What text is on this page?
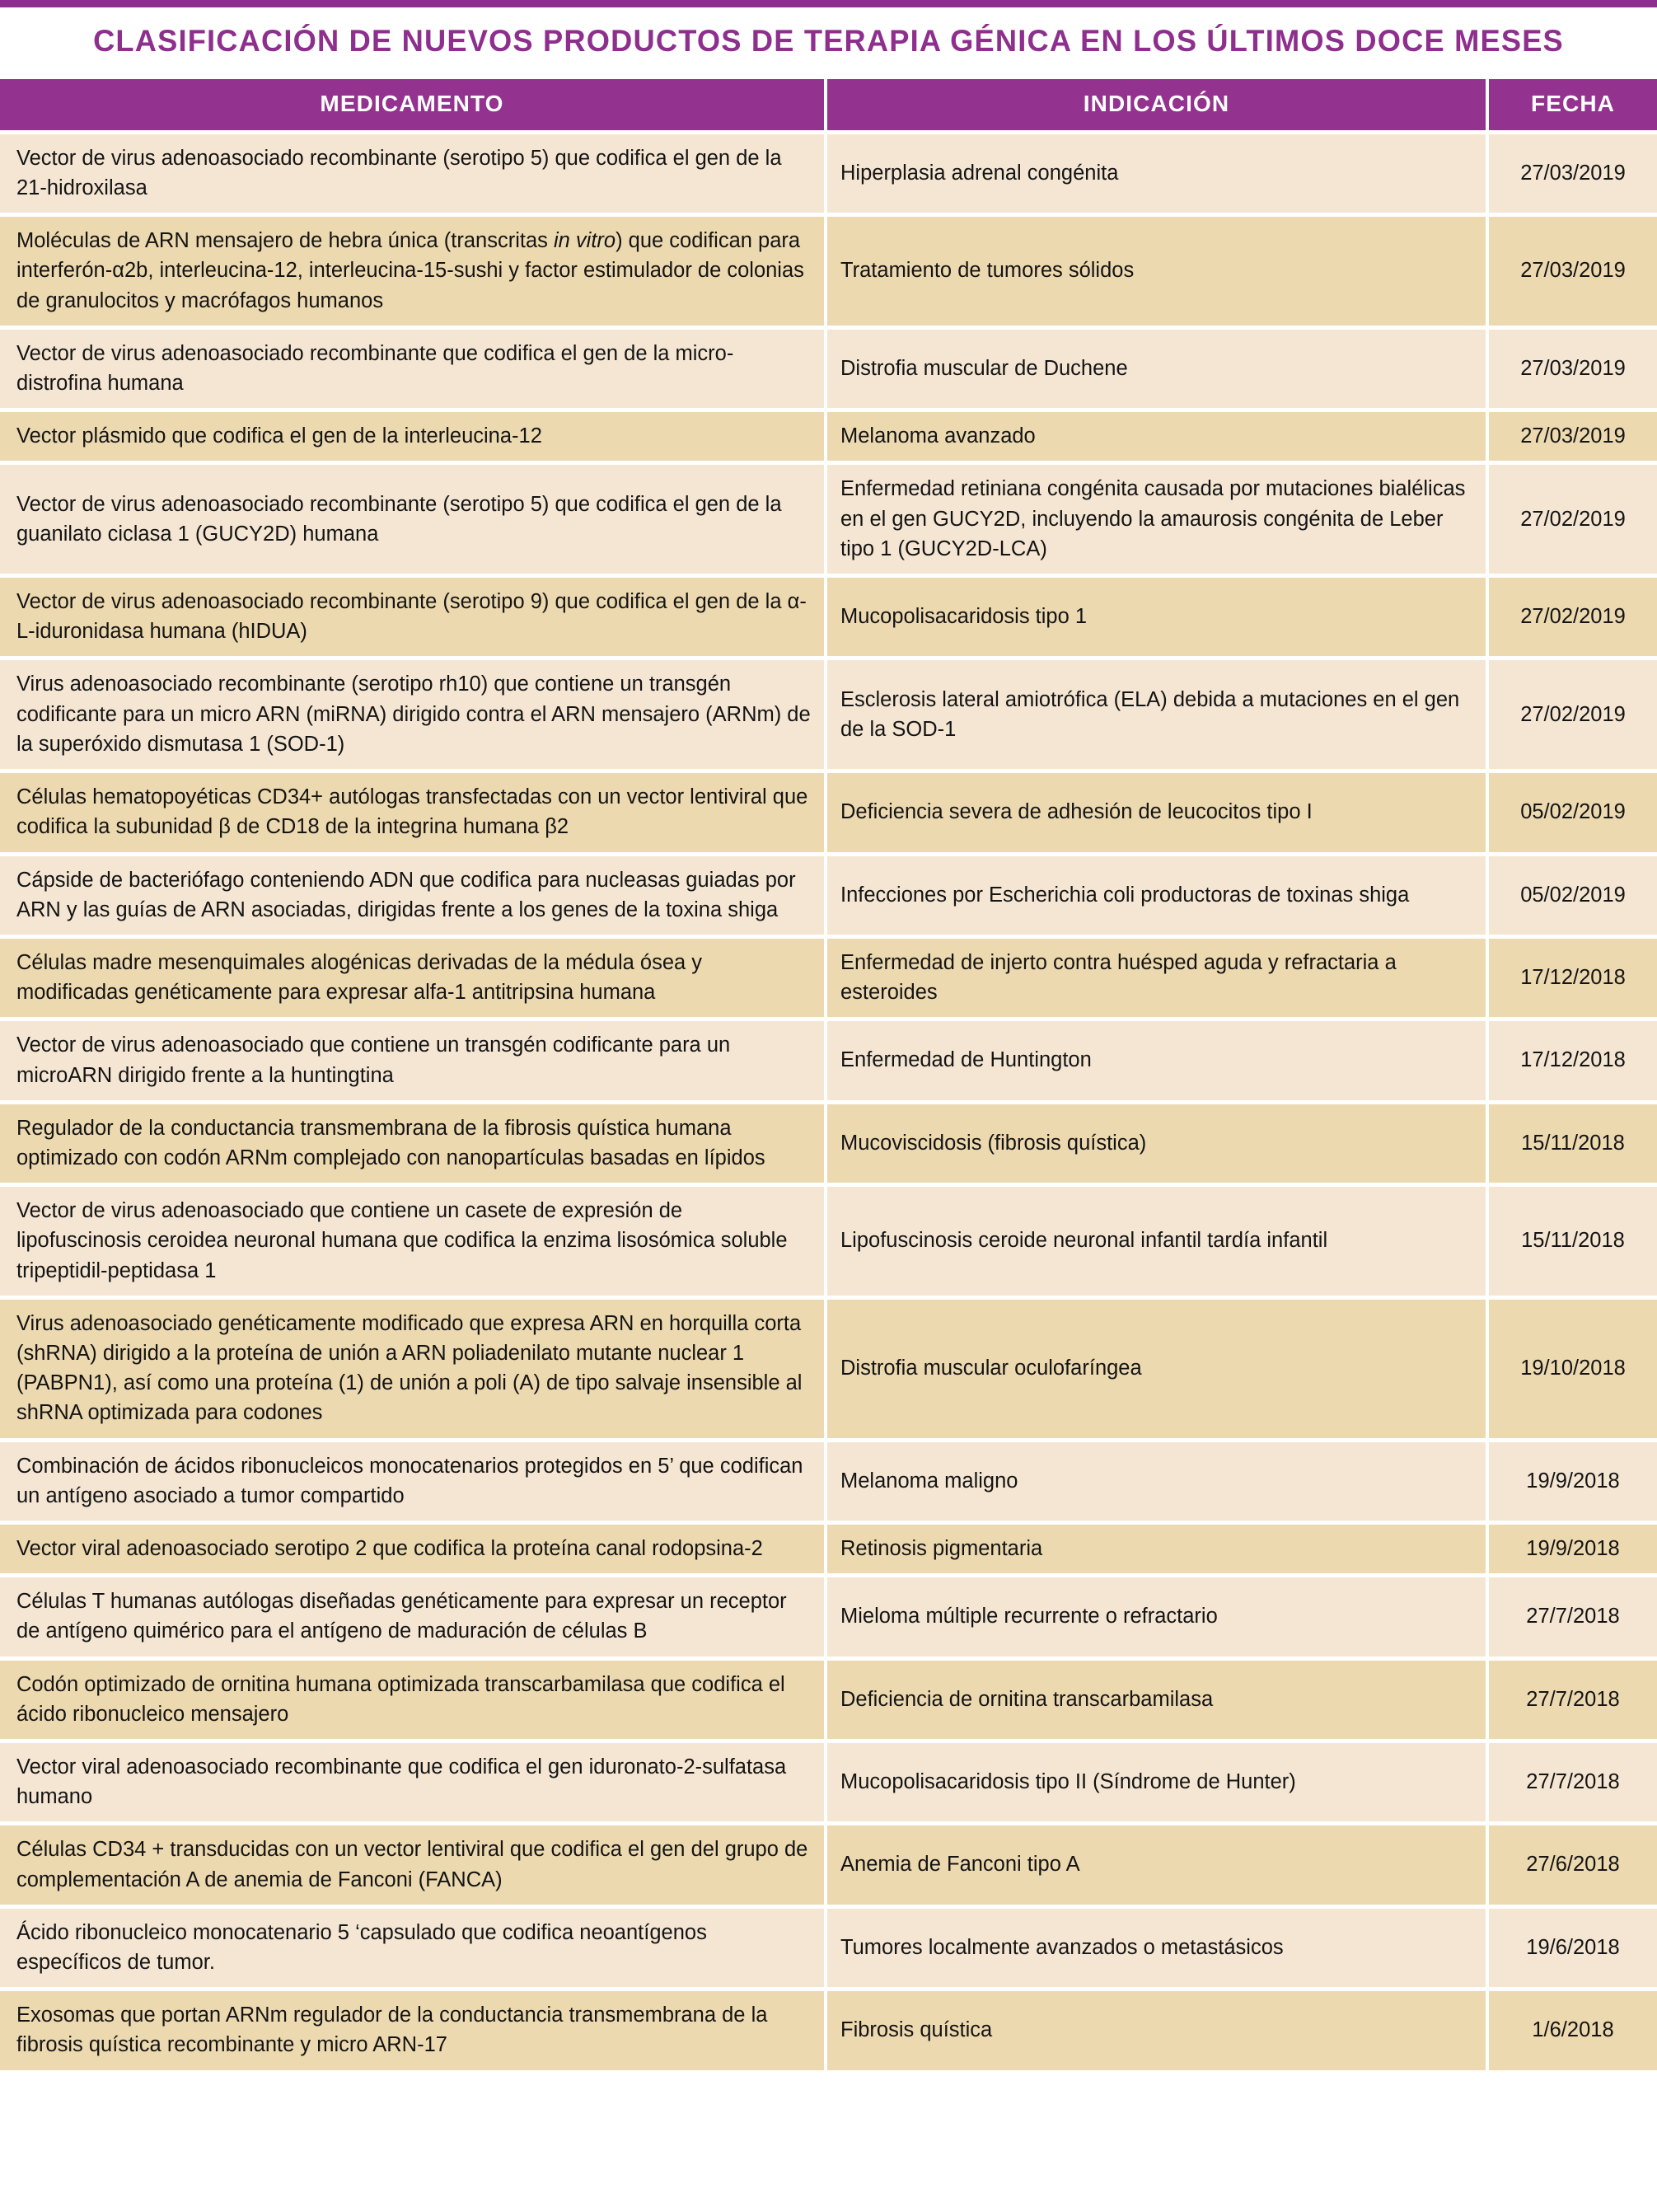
CLASIFICACIÓN DE NUEVOS PRODUCTOS DE TERAPIA GÉNICA EN LOS ÚLTIMOS DOCE MESES
MEDICAMENTO	INDICACIÓN	FECHA
Vector de virus adenoasociado recombinante (serotipo 5) que codifica el gen de la 21-hidroxilasa	Hiperplasia adrenal congénita	27/03/2019
Moléculas de ARN mensajero de hebra única (transcritas in vitro) que codifican para interferón-α2b, interleucina-12, interleucina-15-sushi y factor estimulador de colonias de granulocitos y macrófagos humanos	Tratamiento de tumores sólidos	27/03/2019
Vector de virus adenoasociado recombinante que codifica el gen de la micro-distrofina humana	Distrofia muscular de Duchene	27/03/2019
Vector plásmido que codifica el gen de la interleucina-12	Melanoma avanzado	27/03/2019
Vector de virus adenoasociado recombinante (serotipo 5) que codifica el gen de la guanilato ciclasa 1 (GUCY2D) humana	Enfermedad retiniana congénita causada por mutaciones bialélicas en el gen GUCY2D, incluyendo la amaurosis congénita de Leber tipo 1 (GUCY2D-LCA)	27/02/2019
Vector de virus adenoasociado recombinante (serotipo 9) que codifica el gen de la α-L-iduronidasa humana (hIDUA)	Mucopolisacaridosis tipo 1	27/02/2019
Virus adenoasociado recombinante (serotipo rh10) que contiene un transgén codificante para un micro ARN (miRNA) dirigido contra el ARN mensajero (ARNm) de la superóxido dismutasa 1 (SOD-1)	Esclerosis lateral amiotrófica (ELA) debida a mutaciones en el gen de la SOD-1	27/02/2019
Células hematopoyéticas CD34+ autólogas transfectadas con un vector lentiviral que codifica la subunidad β de CD18 de la integrina humana β2	Deficiencia severa de adhesión de leucocitos tipo I	05/02/2019
Cápside de bacteriófago conteniendo ADN que codifica para nucleasas guiadas por ARN y las guías de ARN asociadas, dirigidas frente a los genes de la toxina shiga	Infecciones por Escherichia coli productoras de toxinas shiga	05/02/2019
Células madre mesenquimales alogénicas derivadas de la médula ósea y modificadas genéticamente para expresar alfa-1 antitripsina humana	Enfermedad de injerto contra huésped aguda y refractaria a esteroides	17/12/2018
Vector de virus adenoasociado que contiene un transgén codificante para un microARN dirigido frente a la huntingtina	Enfermedad de Huntington	17/12/2018
Regulador de la conductancia transmembrana de la fibrosis quística humana optimizado con codón ARNm complejado con nanopartículas basadas en lípidos	Mucoviscidosis (fibrosis quística)	15/11/2018
Vector de virus adenoasociado que contiene un casete de expresión de lipofuscinosis ceroidea neuronal humana que codifica la enzima lisosómica soluble tripeptidil-peptidasa 1	Lipofuscinosis ceroide neuronal infantil tardía infantil	15/11/2018
Virus adenoasociado genéticamente modificado que expresa ARN en horquilla corta (shRNA) dirigido a la proteína de unión a ARN poliadenilato mutante nuclear 1 (PABPN1), así como una proteína (1) de unión a poli (A) de tipo salvaje insensible al shRNA optimizada para codones	Distrofia muscular oculofaríngea	19/10/2018
Combinación de ácidos ribonucleicos monocatenarios protegidos en 5’ que codifican un antígeno asociado a tumor compartido	Melanoma maligno	19/9/2018
Vector viral adenoasociado serotipo 2 que codifica la proteína canal rodopsina-2	Retinosis pigmentaria	19/9/2018
Células T humanas autólogas diseñadas genéticamente para expresar un receptor de antígeno quimérico para el antígeno de maduración de células B	Mieloma múltiple recurrente o refractario	27/7/2018
Codón optimizado de ornitina humana optimizada transcarbamilasa que codifica el ácido ribonucleico mensajero	Deficiencia de ornitina transcarbamilasa	27/7/2018
Vector viral adenoasociado recombinante que codifica el gen iduronato-2-sulfatasa humano	Mucopolisacaridosis tipo II (Síndrome de Hunter)	27/7/2018
Células CD34 + transducidas con un vector lentiviral que codifica el gen del grupo de complementación A de anemia de Fanconi (FANCA)	Anemia de Fanconi tipo A	27/6/2018
Ácido ribonucleico monocatenario 5 ‘capsulado que codifica neoantígenos específicos de tumor.	Tumores localmente avanzados o metastásicos	19/6/2018
Exosomas que portan ARNm regulador de la conductancia transmembrana de la fibrosis quística recombinante y micro ARN-17	Fibrosis quística	1/6/2018
